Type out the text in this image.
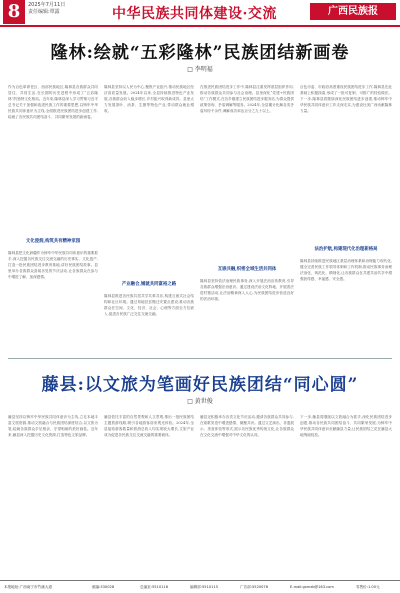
8	2025年7月11日
责任编辑:覃露	中华民族共同体建设·交流	广西民族报
隆林:绘就“五彩隆林”民族团结新画卷
□ 李明福
作为百色革命老区、西部民族地区,隆林县各族群众共同居住、共同生活,在长期的历史进程中形成了“五彩隆林”的独特文化格局。近年来,隆林县深入学习贯彻习近平总书记关于加强和改进民族工作的重要思想,以铸牢中华民族共同体意识为主线,全面推进民族团结进步创建工作,绘就了各民族共同团结奋斗、共同繁荣发展的新画卷。
文化浸润,构筑共有精神家园
隆林县把文化润疆作为铸牢中华民族共同体意识的重要抓手,深入挖掘各民族交往交流交融的历史事实、文化遗产,打造一批民族团结进步教育基地,讲好民族团结故事。县里举办各族群众喜闻乐见的节庆活动,让各族群众在参与中增进了解、加深感情。
隆林县坚持以人民为中心,聚焦产业振兴,推动民族地区经济高质量发展。2024年以来,全县持续推进特色产业发展,各族群众收入稳步增长,乡村振兴取得新成效。县里大力发展茶叶、油茶、生猪等特色产业,带动群众就业增收。
产业融合,铺就共同富裕之路
隆林县推进各民族共居共学共事共乐,构建互嵌式社会结构和社区环境。通过易地扶贫搬迁安置点建设,推动各族群众在空间、文化、经济、社会、心理等方面全方位嵌入,促进各民族广泛交往交流交融。
在推进民族团结进步工作中,隆林县注重发挥基层组织作用,推动各族群众共同参与社会治理。县里深化“党建+民族团结”工作模式,在各乡镇建立民族团结进步服务站,为群众提供政策咨询、矛盾调解等服务。2024年,全县累计化解各类矛盾纠纷千余件,调解成功率达百分之九十以上。
互嵌共融,织密全域生活共同体
隆林县坚持依法治理民族事务,深入开展法治宣传教育,引导各族群众增强法治意识。通过建设法治文化阵地、开展普法进村寨活动,让法治精神深入人心,为民族团结进步营造良好的法治环境。
百色市委、市政府高度重视民族团结进步工作,隆林县在此基础上积极探索,形成了一批可复制、可推广的经验做法。下一步,隆林县将继续深化民族团结进步创建,推动铸牢中华民族共同体意识工作走深走实,为建设壮美广西贡献隆林力量。
法治护航,构建现代化治理新格局
隆林县持续推进民族地区基层治理体系和治理能力现代化,健全完善民族工作领导体制和工作机制,推动民族事务治理法治化、规范化、精细化,让各族群众在共建共治共享中增强获得感、幸福感、安全感。
藤县:以文旅为笔画好民族团结“同心圆”
□ 黄世俊
藤县坚持以铸牢中华民族共同体意识为主线,立足本地丰富文旅资源,推动文旅融合与民族团结深度结合,以文旅为笔,绘就各族群众手足相亲、守望相助的美好画卷。近年来,藤县深入挖掘历史文化资源,打造特色文旅品牌。
藤县依托丰富的自然景观和人文景观,推出一批民族团结主题旅游线路,吸引各地游客前来观光体验。2024年,全县接待游客数量和旅游总收入均实现较大增长,文旅产业成为促进各民族交往交流交融的重要载体。
藤县还积极举办各类文化节庆活动,邀请各族群众共同参与,在欢歌笑语中增进感情、凝聚共识。通过文艺演出、非遗展示、美食体验等形式,展示各民族优秀传统文化,让各族群众在文化交流中增强对中华文化的认同。
下一步,藤县将继续以文旅融合为抓手,深化民族团结进步创建,推动各民族共同团结奋斗、共同繁荣发展,为铸牢中华民族共同体意识贡献藤县力量,让民族团结之花在藤县大地绚丽绽放。
本报地址:广西南宁市竹溪大道	邮编:530028	总编室:5510116	编辑部:5510115	广告部:5520076	E-mail:gxmzb@163.com	零售价:1.00元
